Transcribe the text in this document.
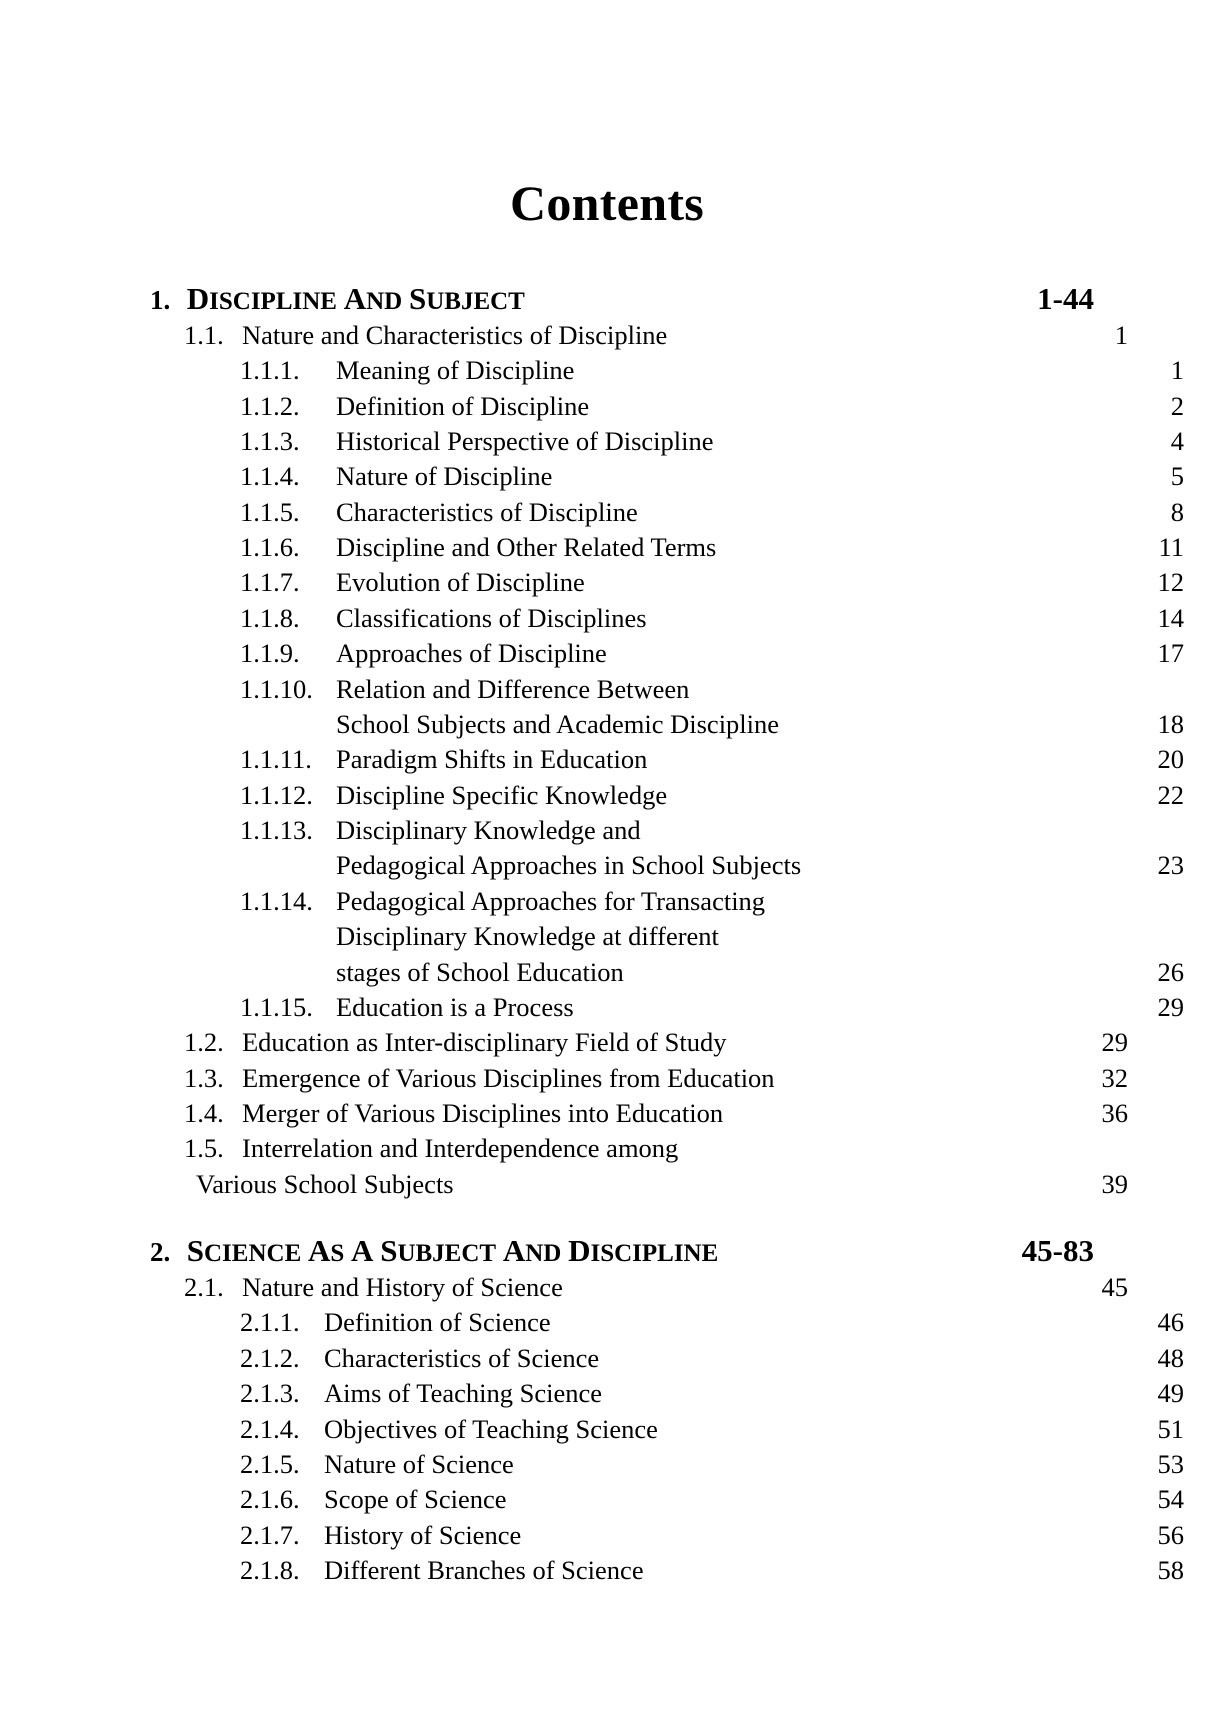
Contents
1. DISCIPLINE AND SUBJECT	1-44
1.1. Nature and Characteristics of Discipline	1
1.1.1. Meaning of Discipline	1
1.1.2. Definition of Discipline	2
1.1.3. Historical Perspective of Discipline	4
1.1.4. Nature of Discipline	5
1.1.5. Characteristics of Discipline	8
1.1.6. Discipline and Other Related Terms	11
1.1.7. Evolution of Discipline	12
1.1.8. Classifications of Disciplines	14
1.1.9. Approaches of Discipline	17
1.1.10. Relation and Difference Between
School Subjects and Academic Discipline	18
1.1.11. Paradigm Shifts in Education	20
1.1.12. Discipline Specific Knowledge	22
1.1.13. Disciplinary Knowledge and
Pedagogical Approaches in School Subjects	23
1.1.14. Pedagogical Approaches for Transacting
Disciplinary Knowledge at different
stages of School Education	26
1.1.15. Education is a Process	29
1.2. Education as Inter-disciplinary Field of Study	29
1.3. Emergence of Various Disciplines from Education	32
1.4. Merger of Various Disciplines into Education	36
1.5. Interrelation and Interdependence among
Various School Subjects	39
2. SCIENCE AS A SUBJECT AND DISCIPLINE	45-83
2.1. Nature and History of Science	45
2.1.1. Definition of Science	46
2.1.2. Characteristics of Science	48
2.1.3. Aims of Teaching Science	49
2.1.4. Objectives of Teaching Science	51
2.1.5. Nature of Science	53
2.1.6. Scope of Science	54
2.1.7. History of Science	56
2.1.8. Different Branches of Science	58
